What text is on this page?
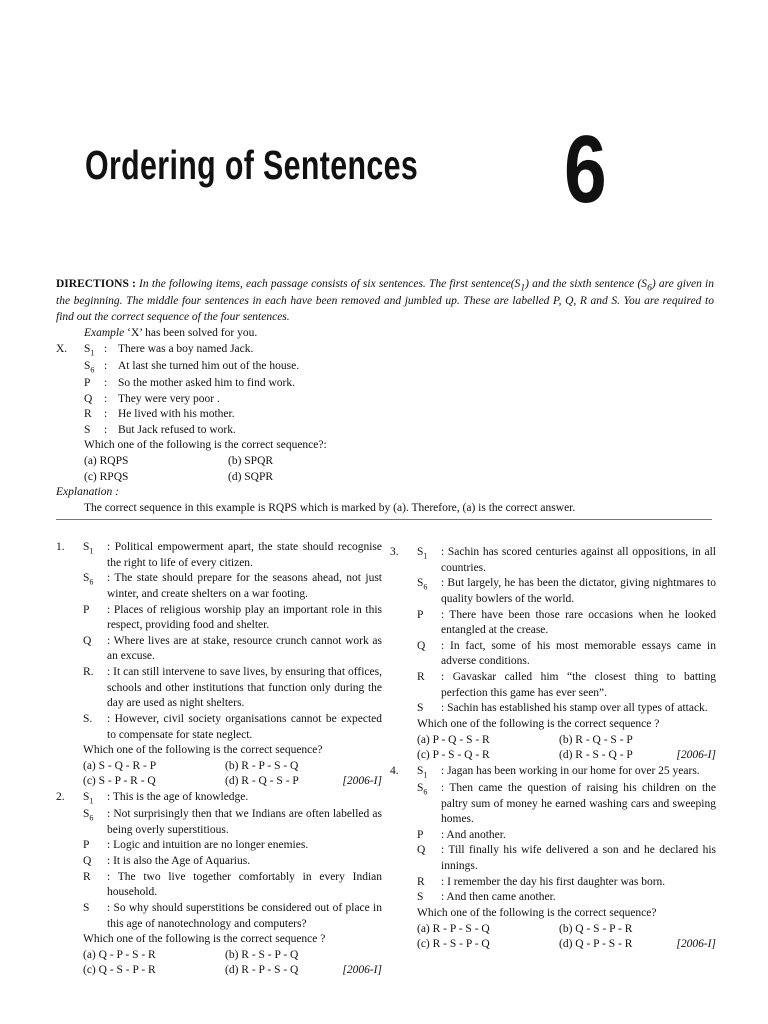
Ordering of Sentences 6
DIRECTIONS : In the following items, each passage consists of six sentences. The first $sentence(S_1)$ and the sixth sentence $(S_6)$ are given in the beginning. The middle four sentences in each have been removed and jumbled up. These are labelled P, Q, R and S. You are required to find out the correct sequence of the four sentences.
Example ‘X’ has been solved for you.
X.	$S_1$ : There was a boy named Jack.
$S_6$ : At last she turned him out of the house.
P	: So the mother asked him to find work.
Q	: They were very poor .
R	: He lived with his mother.
S	: But Jack refused to work.
Which one of the following is the correct sequence?:
(a) RQPS	(b) SPQR
(c) RPQS	(d) SQPR
Explanation :
The correct sequence in this example is RQPS which is marked by (a). Therefore, (a) is the correct answer.
1.	$S_1$	: Political empowerment apart, the state should recognise the right to life of every citizen.
$S_6$	: The state should prepare for the seasons ahead, not just winter, and create shelters on a war footing.
P	: Places of religious worship play an important role in this respect, providing food and shelter.
Q	: Where lives are at stake, resource crunch cannot work as an excuse.
R.	: It can still intervene to save lives, by ensuring that offices, schools and other institutions that function only during the day are used as night shelters.
S.	: However, civil society organisations cannot be expected to compensate for state neglect.
Which one of the following is the correct sequence?
(a) S - Q - R - P	(b) R - P - S - Q
(c) S - P - R - Q	(d) R - Q - S - P	[2006-I]
2.	$S_1$	: This is the age of knowledge.
$S_6$	: Not surprisingly then that we Indians are often labelled as being overly superstitious.
P	: Logic and intuition are no longer enemies.
Q	: It is also the Age of Aquarius.
R	: The two live together comfortably in every Indian household.
S	: So why should superstitions be considered out of place in this age of nanotechnology and computers?
Which one of the following is the correct sequence ?
(a) Q - P - S - R	(b) R - S - P - Q
(c) Q - S - P - R	(d) R - P - S - Q	[2006-I]
3.	$S_1$	: Sachin has scored centuries against all oppositions, in all countries.
$S_6$	: But largely, he has been the dictator, giving nightmares to quality bowlers of the world.
P	: There have been those rare occasions when he looked entangled at the crease.
Q	: In fact, some of his most memorable essays came in adverse conditions.
R	: Gavaskar called him “the closest thing to batting perfection this game has ever seen”.
S	: Sachin has established his stamp over all types of attack.
Which one of the following is the correct sequence ?
(a) P - Q - S - R	(b) R - Q - S - P
(c) P - S - Q - R	(d) R - S - Q - P	[2006-I]
4.	$S_1$	: Jagan has been working in our home for over 25 years.
$S_6$	: Then came the question of raising his children on the paltry sum of money he earned washing cars and sweeping homes.
P	: And another.
Q	: Till finally his wife delivered a son and he declared his innings.
R	: I remember the day his first daughter was born.
S	: And then came another.
Which one of the following is the correct sequence?
(a) R - P - S - Q	(b) Q - S - P - R
(c) R - S - P - Q	(d) Q - P - S - R	[2006-I]
